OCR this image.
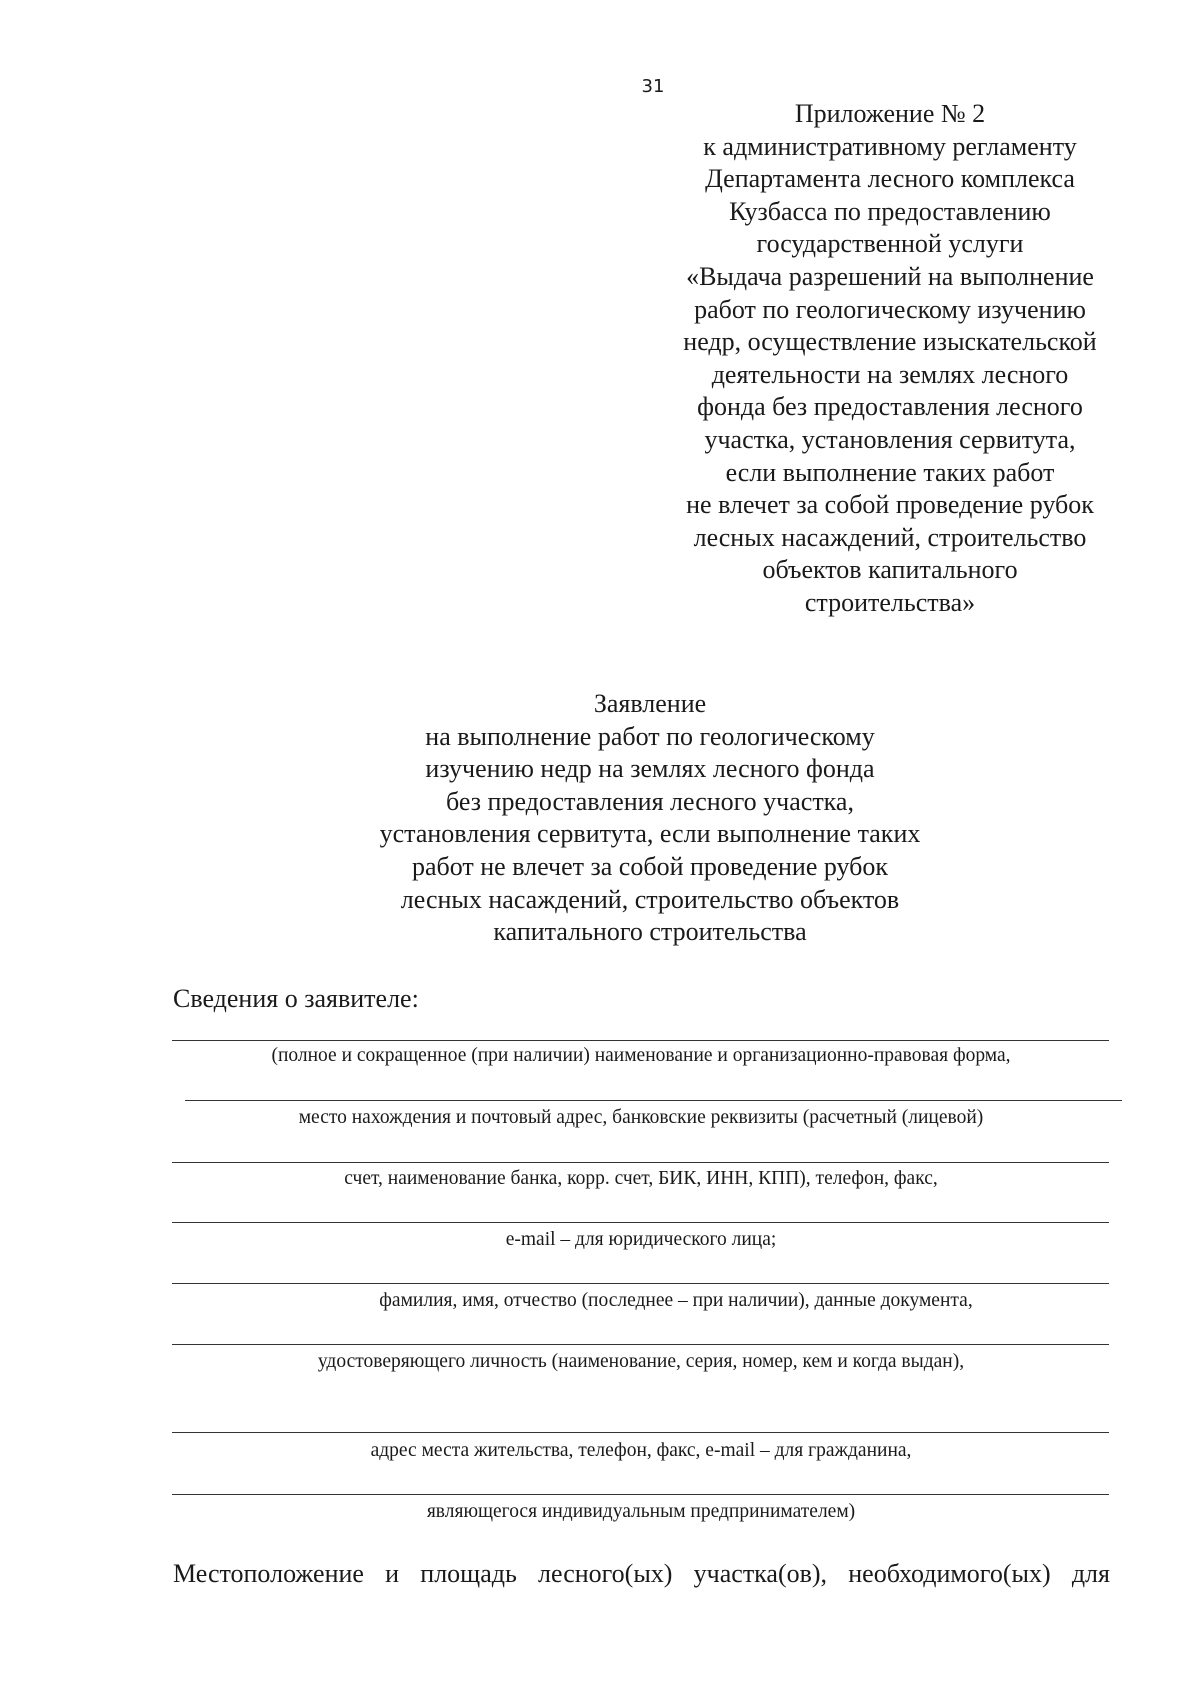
31
Приложение № 2
к административному регламенту
Департамента лесного комплекса
Кузбасса по предоставлению
государственной услуги
«Выдача разрешений на выполнение
работ по геологическому изучению
недр, осуществление изыскательской
деятельности на землях лесного
фонда без предоставления лесного
участка, установления сервитута,
если выполнение таких работ
не влечет за собой проведение рубок
лесных насаждений, строительство
объектов капитального
строительства»
Заявление
на выполнение работ по геологическому
изучению недр на землях лесного фонда
без предоставления лесного участка,
установления сервитута, если выполнение таких
работ не влечет за собой проведение рубок
лесных насаждений, строительство объектов
капитального строительства
Сведения о заявителе:
(полное и сокращенное (при наличии) наименование и организационно-правовая форма,
место нахождения и почтовый адрес, банковские реквизиты (расчетный (лицевой)
счет, наименование банка, корр. счет, БИК, ИНН, КПП), телефон, факс,
e-mail – для юридического лица;
фамилия, имя, отчество (последнее – при наличии), данные документа,
удостоверяющего личность (наименование, серия, номер, кем и когда выдан),
адрес места жительства, телефон, факс, e-mail – для гражданина,
являющегося индивидуальным предпринимателем)
Местоположение и площадь лесного(ых) участка(ов), необходимого(ых) для
